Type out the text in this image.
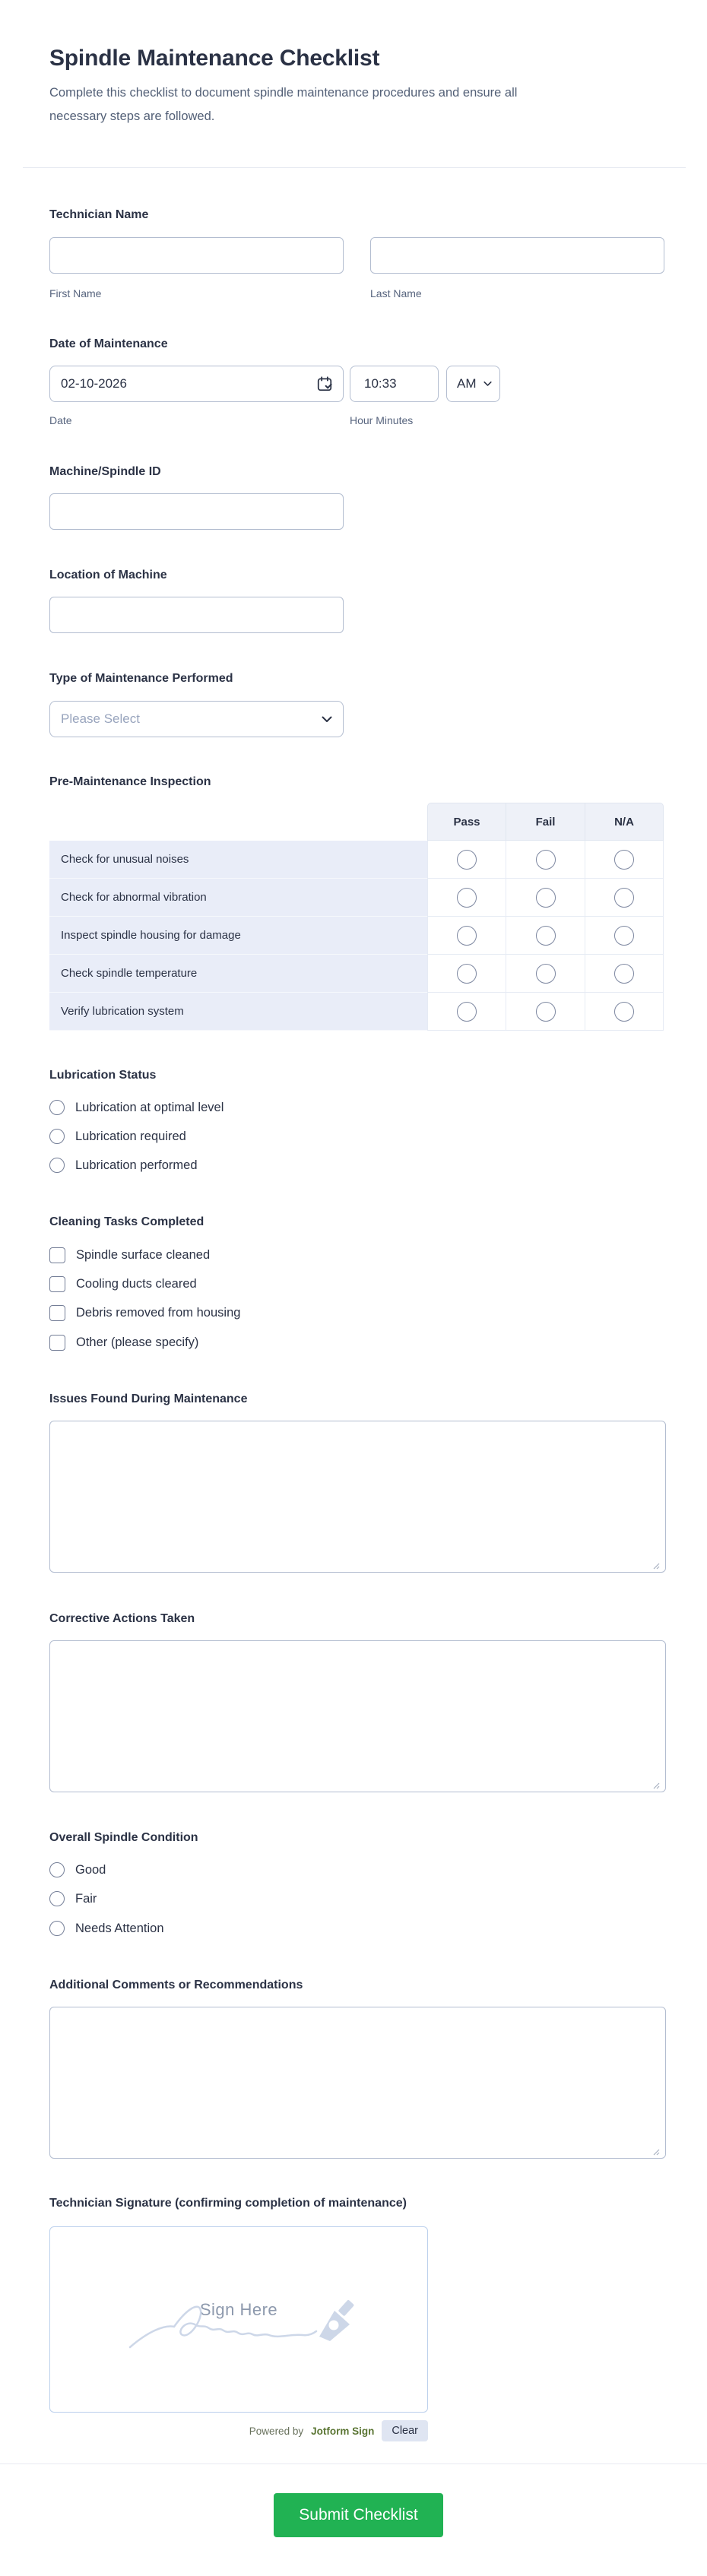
Spindle Maintenance Checklist
Complete this checklist to document spindle maintenance procedures and ensure all
necessary steps are followed.
Technician Name
First Name	Last Name
Date of Maintenance
02-10-2026
10:33
AM
Date	Hour Minutes
Machine/Spindle ID
Location of Machine
Type of Maintenance Performed
Please Select
Pre-Maintenance Inspection
Pass	Fail	N/A
Check for unusual noises
Check for abnormal vibration
Inspect spindle housing for damage
Check spindle temperature
Verify lubrication system
Lubrication Status
Lubrication at optimal level
Lubrication required
Lubrication performed
Cleaning Tasks Completed
Spindle surface cleaned
Cooling ducts cleared
Debris removed from housing
Other (please specify)
Issues Found During Maintenance
Corrective Actions Taken
Overall Spindle Condition
Good
Fair
Needs Attention
Additional Comments or Recommendations
Technician Signature (confirming completion of maintenance)
Sign Here
Powered by Jotform Sign	Clear
Submit Checklist
